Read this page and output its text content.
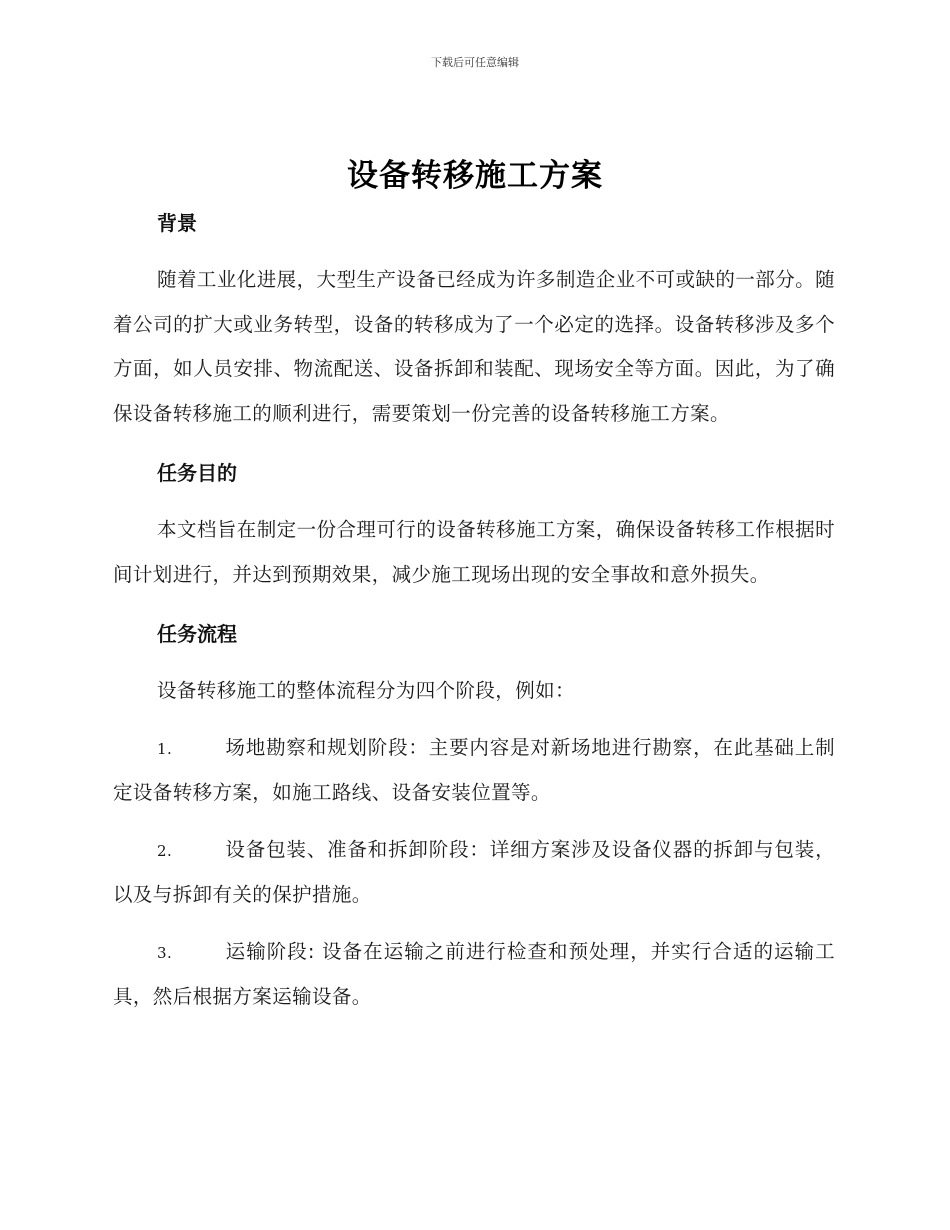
下载后可任意编辑
设备转移施工方案
背景

随着工业化进展，大型生产设备已经成为许多制造企业不可或缺的一部分。随着公司的扩大或业务转型，设备的转移成为了一个必定的选择。设备转移涉及多个方面，如人员安排、物流配送、设备拆卸和装配、现场安全等方面。因此，为了确保设备转移施工的顺利进行，需要策划一份完善的设备转移施工方案。

任务目的

本文档旨在制定一份合理可行的设备转移施工方案，确保设备转移工作根据时间计划进行，并达到预期效果，减少施工现场出现的安全事故和意外损失。

任务流程

设备转移施工的整体流程分为四个阶段，例如：

1.	场地勘察和规划阶段：主要内容是对新场地进行勘察，在此基础上制定设备转移方案，如施工路线、设备安装位置等。

2.	设备包装、准备和拆卸阶段：详细方案涉及设备仪器的拆卸与包装，以及与拆卸有关的保护措施。

3.	运输阶段: 设备在运输之前进行检查和预处理，并实行合适的运输工具，然后根据方案运输设备。
